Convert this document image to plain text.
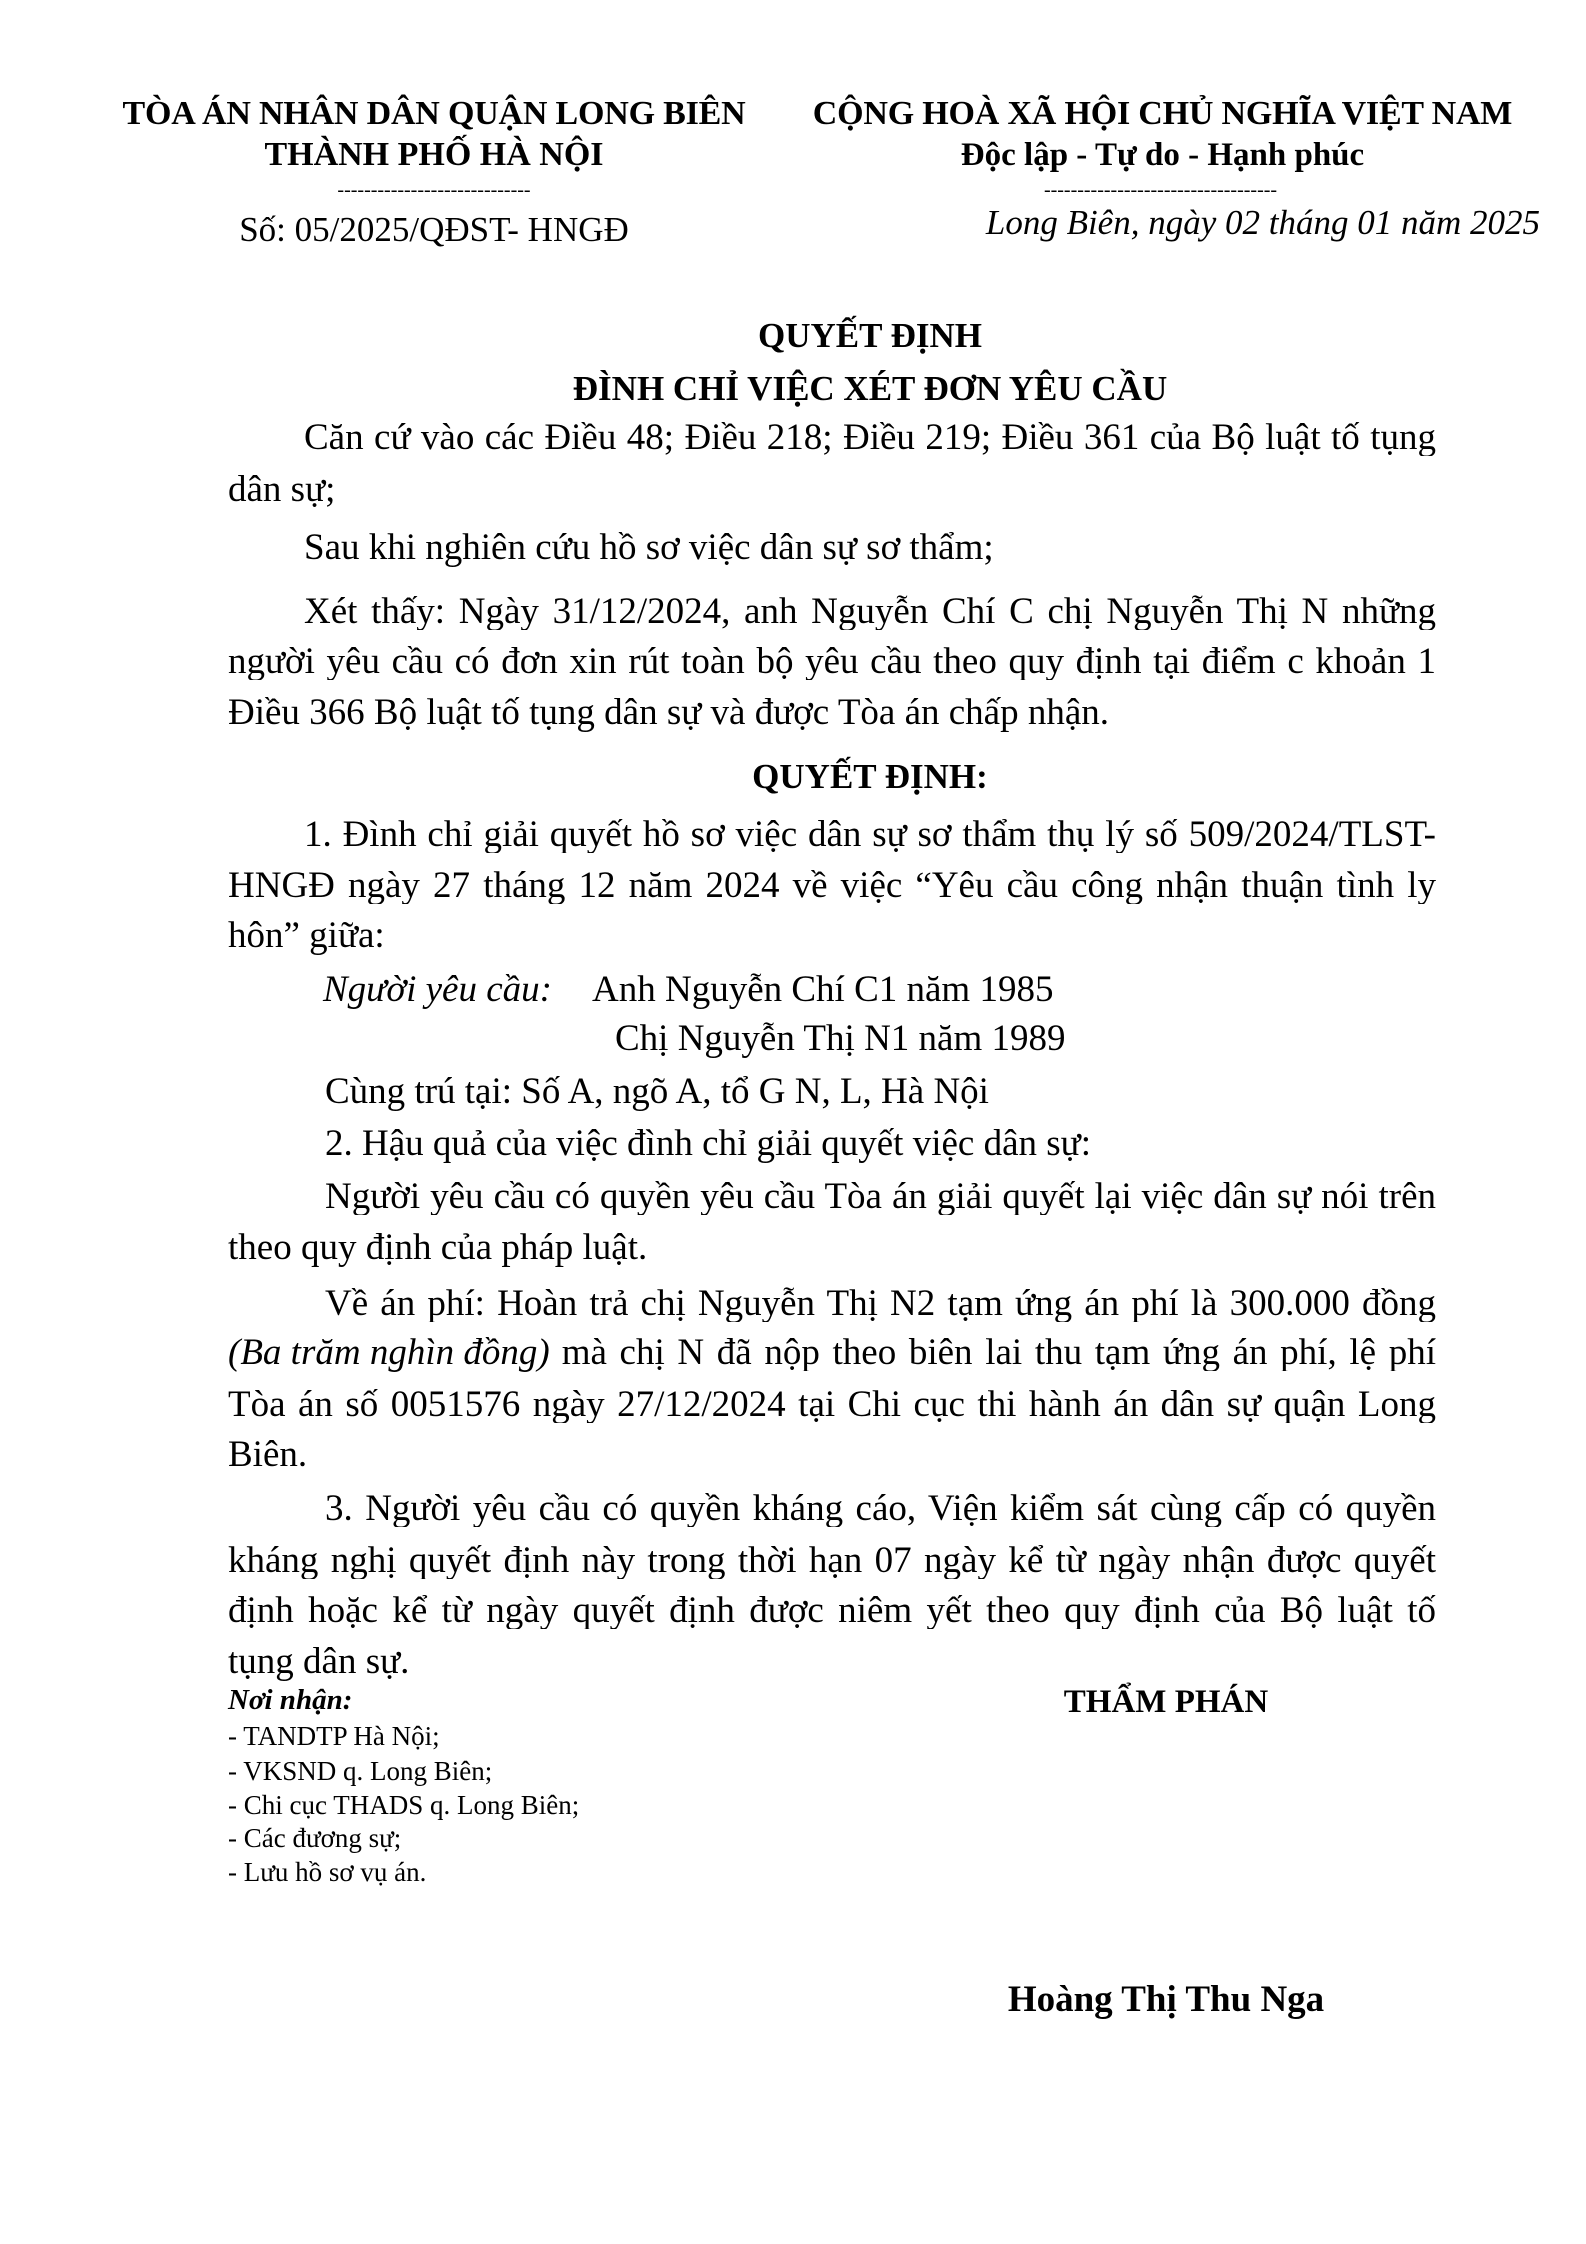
TÒA ÁN NHÂN DÂN QUẬN LONG BIÊN
THÀNH PHỐ HÀ NỘI
-----------------------------
Số: 05/2025/QĐST- HNGĐ
CỘNG HOÀ XÃ HỘI CHỦ NGHĨA VIỆT NAM
Độc lập - Tự do - Hạnh phúc
-----------------------------------
Long Biên, ngày 02 tháng 01 năm 2025
QUYẾT ĐỊNH
ĐÌNH CHỈ VIỆC XÉT ĐƠN YÊU CẦU
Căn cứ vào các Điều 48; Điều 218; Điều 219; Điều 361 của Bộ luật tố tụng
dân sự;
Sau khi nghiên cứu hồ sơ việc dân sự sơ thẩm;
Xét thấy: Ngày 31/12/2024, anh Nguyễn Chí C chị Nguyễn Thị N những
người yêu cầu có đơn xin rút toàn bộ yêu cầu theo quy định tại điểm c khoản 1
Điều 366 Bộ luật tố tụng dân sự và được Tòa án chấp nhận.
QUYẾT ĐỊNH:
1. Đình chỉ giải quyết hồ sơ việc dân sự sơ thẩm thụ lý số 509/2024/TLST-
HNGĐ ngày 27 tháng 12 năm 2024 về việc “Yêu cầu công nhận thuận tình ly
hôn” giữa:
Người yêu cầu: Anh Nguyễn Chí C1 năm 1985
Chị Nguyễn Thị N1 năm 1989
Cùng trú tại: Số A, ngõ A, tổ G N, L, Hà Nội
2. Hậu quả của việc đình chỉ giải quyết việc dân sự:
Người yêu cầu có quyền yêu cầu Tòa án giải quyết lại việc dân sự nói trên
theo quy định của pháp luật.
Về án phí: Hoàn trả chị Nguyễn Thị N2 tạm ứng án phí là 300.000 đồng
(Ba trăm nghìn đồng) mà chị N đã nộp theo biên lai thu tạm ứng án phí, lệ phí
Tòa án số 0051576 ngày 27/12/2024 tại Chi cục thi hành án dân sự quận Long
Biên.
3. Người yêu cầu có quyền kháng cáo, Viện kiểm sát cùng cấp có quyền
kháng nghị quyết định này trong thời hạn 07 ngày kể từ ngày nhận được quyết
định hoặc kể từ ngày quyết định được niêm yết theo quy định của Bộ luật tố
tụng dân sự.
Nơi nhận:
- TANDTP Hà Nội;
- VKSND q. Long Biên;
- Chi cục THADS q. Long Biên;
- Các đương sự;
- Lưu hồ sơ vụ án.
THẨM PHÁN
Hoàng Thị Thu Nga
